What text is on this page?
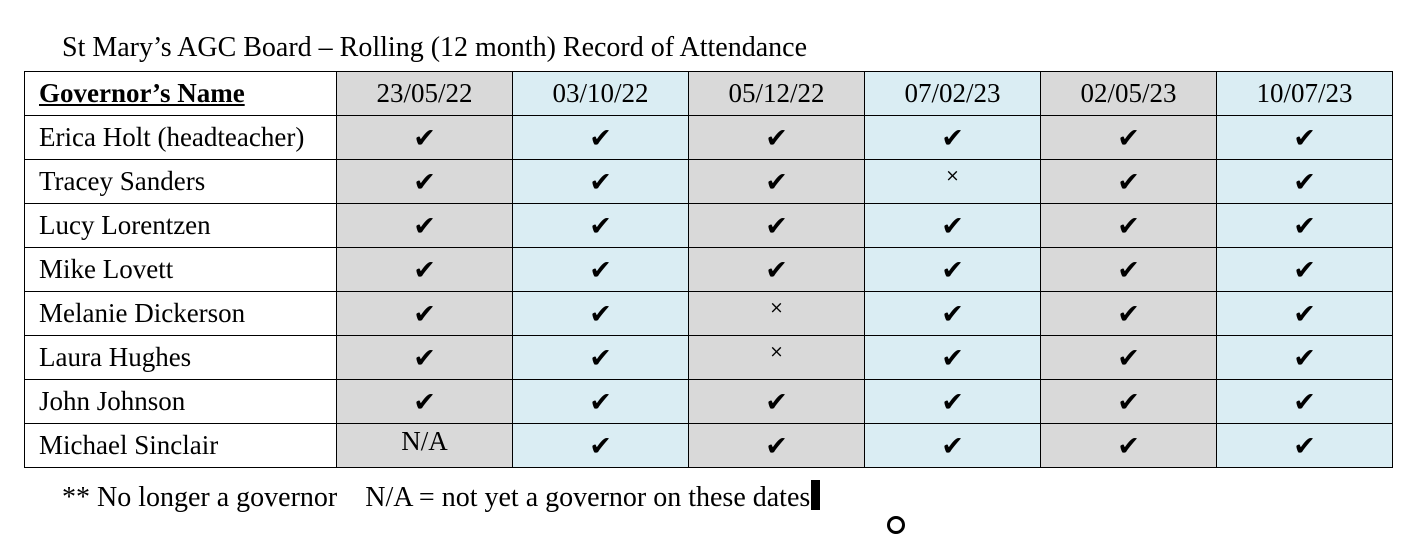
St Mary’s AGC Board – Rolling (12 month) Record of Attendance
Governor’s Name	23/05/22	03/10/22	05/12/22	07/02/23	02/05/23	10/07/23
Erica Holt (headteacher)	✔	✔	✔	✔	✔	✔
Tracey Sanders	✔	✔	✔	×	✔	✔
Lucy Lorentzen	✔	✔	✔	✔	✔	✔
Mike Lovett	✔	✔	✔	✔	✔	✔
Melanie Dickerson	✔	✔	×	✔	✔	✔
Laura Hughes	✔	✔	×	✔	✔	✔
John Johnson	✔	✔	✔	✔	✔	✔
Michael Sinclair	N/A	✔	✔	✔	✔	✔
** No longer a governor    N/A = not yet a governor on these dates
